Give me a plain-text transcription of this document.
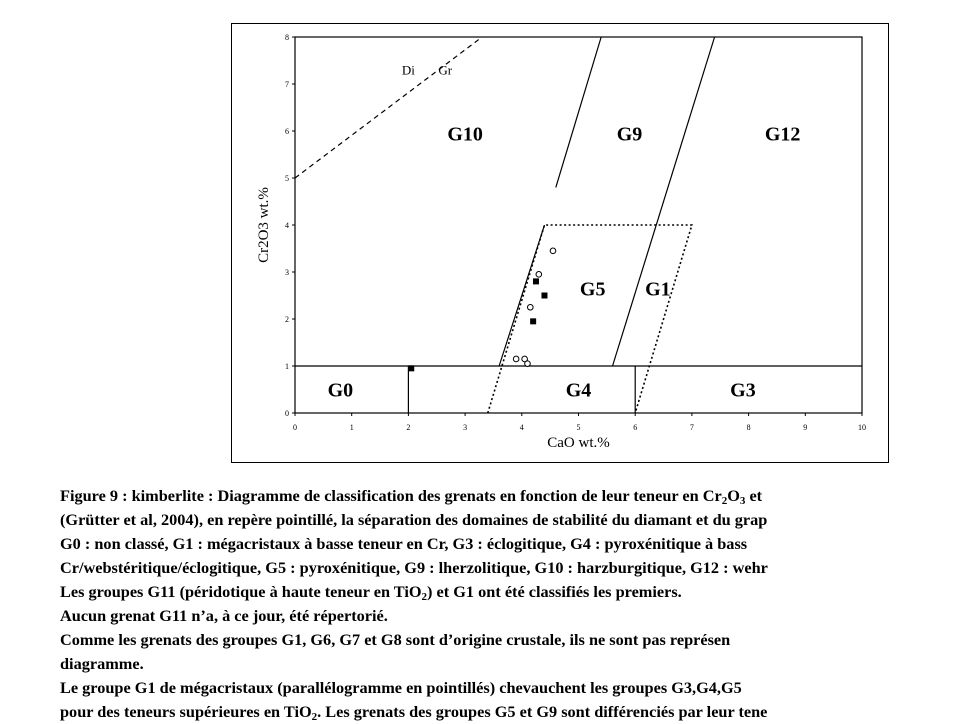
0	1	2	3	4	5	6	7	8	9	10
0
1
2
3
4
5
6
7
8
CaO wt.%
Cr2O3 wt.%
Di Gr
G10	G9	G12
G5 G1
G0	G4	G3
Figure 9 : kimberlite : Diagramme de classification des grenats en fonction de leur teneur en $Cr_2O_3$ et
(Grütter et al, 2004), en repère pointillé, la séparation des domaines de stabilité du diamant et du grap
G0 : non classé, G1 : mégacristaux à basse teneur en Cr, G3 : éclogitique, G4 : pyroxénitique à bass
Cr/webstéritique/éclogitique, G5 : pyroxénitique, G9 : lherzolitique, G10 : harzburgitique, G12 : wehr
Les groupes G11 (péridotique à haute teneur en TiO$_2$) et G1 ont été classifiés les premiers.
Aucun grenat G11 n’a, à ce jour, été répertorié.
Comme les grenats des groupes G1, G6, G7 et G8 sont d’origine crustale, ils ne sont pas représen
diagramme.
Le groupe G1 de mégacristaux (parallélogramme en pointillés) chevauchent les groupes G3,G4,G5
pour des teneurs supérieures en TiO$_2$. Les grenats des groupes G5 et G9 sont différenciés par leur tene
